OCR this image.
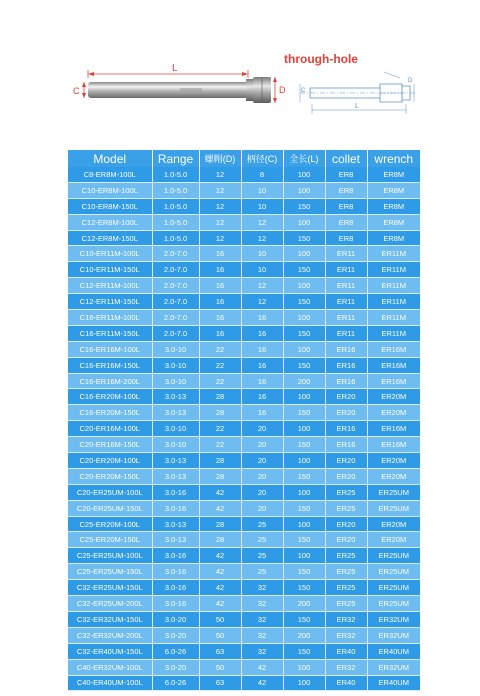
L
C	D
through-hole
L
C
D
Model	Range	螺帽(D)	柄径(C)	全长(L)	collet	wrench
C8-ER8M-100L	1.0-5.0	12	8	100	ER8	ER8M
C10-ER8M-100L	1.0-5.0	12	10	100	ER8	ER8M
C10-ER8M-150L	1.0-5.0	12	10	150	ER8	ER8M
C12-ER8M-100L	1.0-5.0	12	12	100	ER8	ER8M
C12-ER8M-150L	1.0-5.0	12	12	150	ER8	ER8M
C10-ER11M-100L	2.0-7.0	16	10	100	ER11	ER11M
C10-ER11M-150L	2.0-7.0	16	10	150	ER11	ER11M
C12-ER11M-100L	2.0-7.0	16	12	100	ER11	ER11M
C12-ER11M-150L	2.0-7.0	16	12	150	ER11	ER11M
C16-ER11M-100L	2.0-7.0	16	16	100	ER11	ER11M
C16-ER11M-150L	2.0-7.0	16	16	150	ER11	ER11M
C16-ER16M-100L	3.0-10	22	16	100	ER16	ER16M
C16-ER16M-150L	3.0-10	22	16	150	ER16	ER16M
C16-ER16M-200L	3.0-10	22	16	200	ER16	ER16M
C16-ER20M-100L	3.0-13	28	16	100	ER20	ER20M
C16-ER20M-150L	3.0-13	28	16	150	ER20	ER20M
C20-ER16M-100L	3.0-10	22	20	100	ER16	ER16M
C20-ER16M-150L	3.0-10	22	20	150	ER16	ER16M
C20-ER20M-100L	3.0-13	28	20	100	ER20	ER20M
C20-ER20M-150L	3.0-13	28	20	150	ER20	ER20M
C20-ER25UM-100L	3.0-16	42	20	100	ER25	ER25UM
C20-ER25UM-150L	3.0-16	42	20	150	ER25	ER25UM
C25-ER20M-100L	3.0-13	28	25	100	ER20	ER20M
C25-ER20M-150L	3.0-13	28	25	150	ER20	ER20M
C25-ER25UM-100L	3.0-16	42	25	100	ER25	ER25UM
C25-ER25UM-150L	3.0-16	42	25	150	ER25	ER25UM
C32-ER25UM-150L	3.0-16	42	32	150	ER25	ER25UM
C32-ER25UM-200L	3.0-16	42	32	200	ER25	ER25UM
C32-ER32UM-150L	3.0-20	50	32	150	ER32	ER32UM
C32-ER32UM-200L	3.0-20	50	32	200	ER32	ER32UM
C32-ER40UM-150L	6.0-26	63	32	150	ER40	ER40UM
C40-ER32UM-100L	3.0-20	50	42	100	ER32	ER32UM
C40-ER40UM-100L	6.0-26	63	42	100	ER40	ER40UM
